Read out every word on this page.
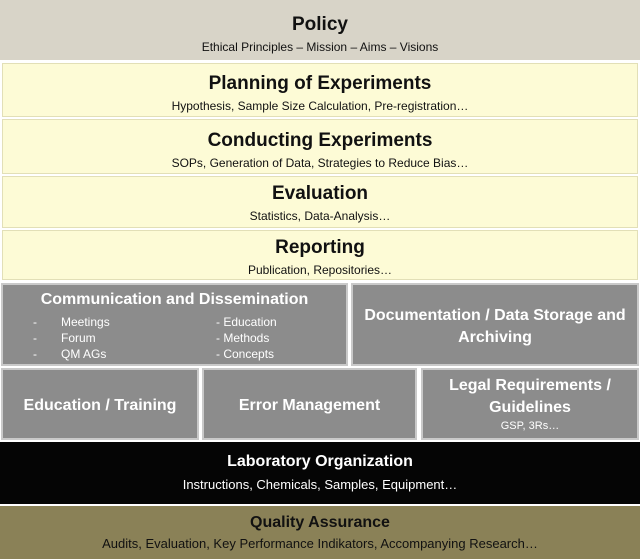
Policy
Ethical Principles – Mission – Aims – Visions
Planning of Experiments
Hypothesis, Sample Size Calculation, Pre-registration…
Conducting Experiments
SOPs, Generation of Data, Strategies to Reduce Bias…
Evaluation
Statistics, Data-Analysis…
Reporting
Publication, Repositories…
Communication and Dissemination
- Meetings
- Forum
- QM AGs
- Education
- Methods
- Concepts
Documentation / Data Storage and
Archiving
Education / Training	Error Management
Legal Requirements /
Guidelines
GSP, 3Rs…
Laboratory Organization
Instructions, Chemicals, Samples, Equipment…
Quality Assurance
Audits, Evaluation, Key Performance Indikators, Accompanying Research…
